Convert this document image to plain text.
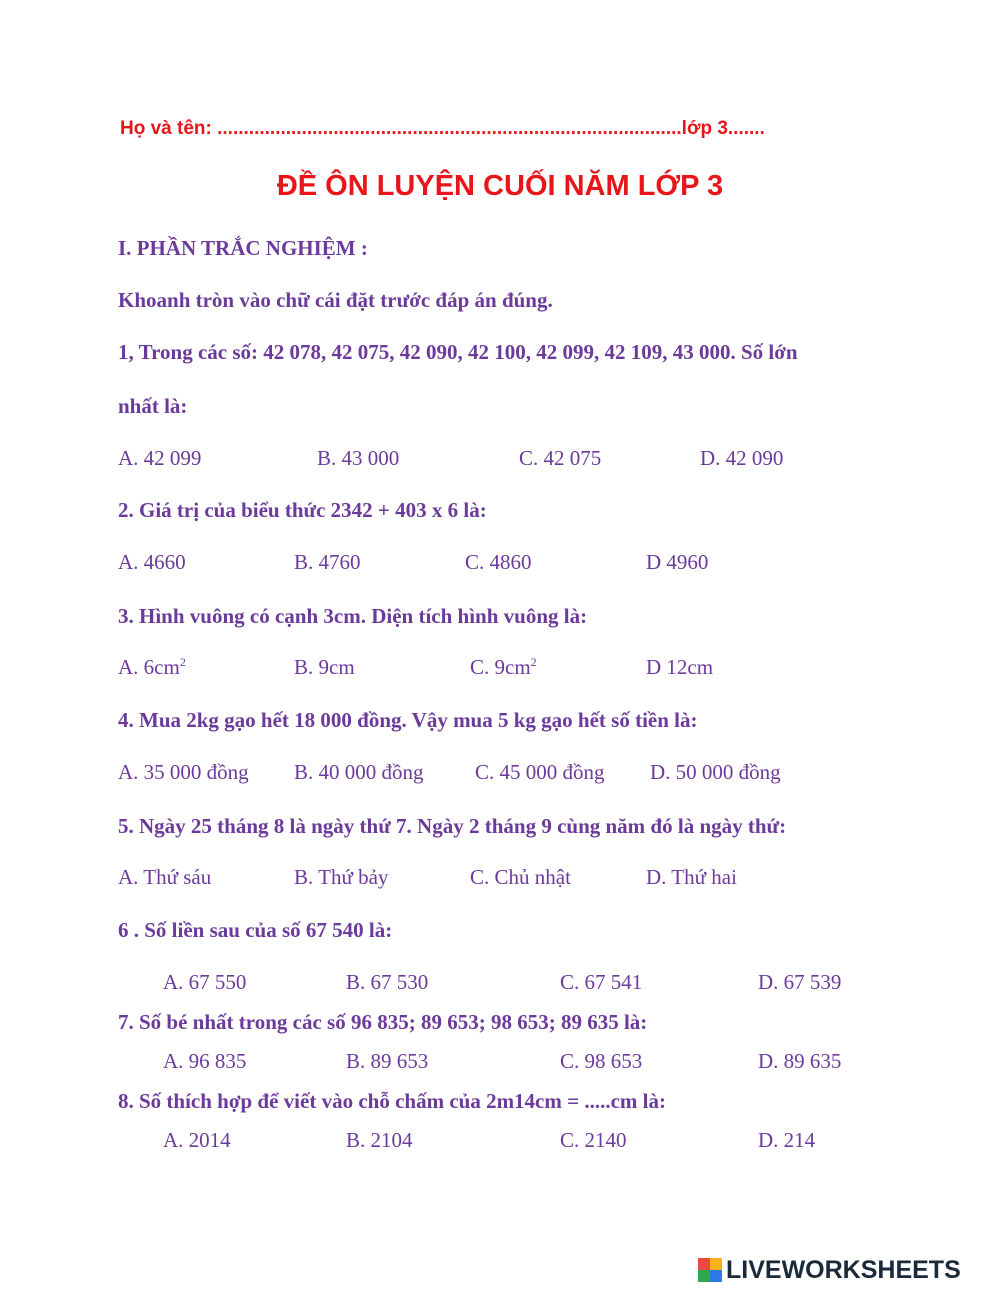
Họ và tên: ........................................................................................lớp 3.......
ĐỀ ÔN LUYỆN CUỐI NĂM LỚP 3
I. PHẦN TRẮC NGHIỆM :
Khoanh tròn vào chữ cái đặt trước đáp án đúng.
1, Trong các số: 42 078, 42 075, 42 090, 42 100, 42 099, 42 109, 43 000. Số lớn
nhất là:
A. 42 099	B. 43 000	C. 42 075	D. 42 090
2. Giá trị của biểu thức 2342 + 403 x 6 là:
A. 4660	B. 4760	C. 4860	D 4960
3. Hình vuông có cạnh 3cm. Diện tích hình vuông là:
A. $6cm^2$	B. 9cm	C. $9cm^2$	D 12cm
4. Mua 2kg gạo hết 18 000 đồng. Vậy mua 5 kg gạo hết số tiền là:
A. 35 000 đồng B. 40 000 đồng C. 45 000 đồng D. 50 000 đồng
5. Ngày 25 tháng 8 là ngày thứ 7. Ngày 2 tháng 9 cùng năm đó là ngày thứ:
A. Thứ sáu	B. Thứ bảy	C. Chủ nhật	D. Thứ hai
6 . Số liền sau của số 67 540 là:
A. 67 550	B. 67 530	C. 67 541	D. 67 539
7. Số bé nhất trong các số 96 835; 89 653; 98 653; 89 635 là:
A. 96 835	B. 89 653	C. 98 653	D. 89 635
8. Số thích hợp để viết vào chỗ chấm của 2m14cm = .....cm là:
A. 2014	B. 2104	C. 2140	D. 214
LIVEWORKSHEETS
